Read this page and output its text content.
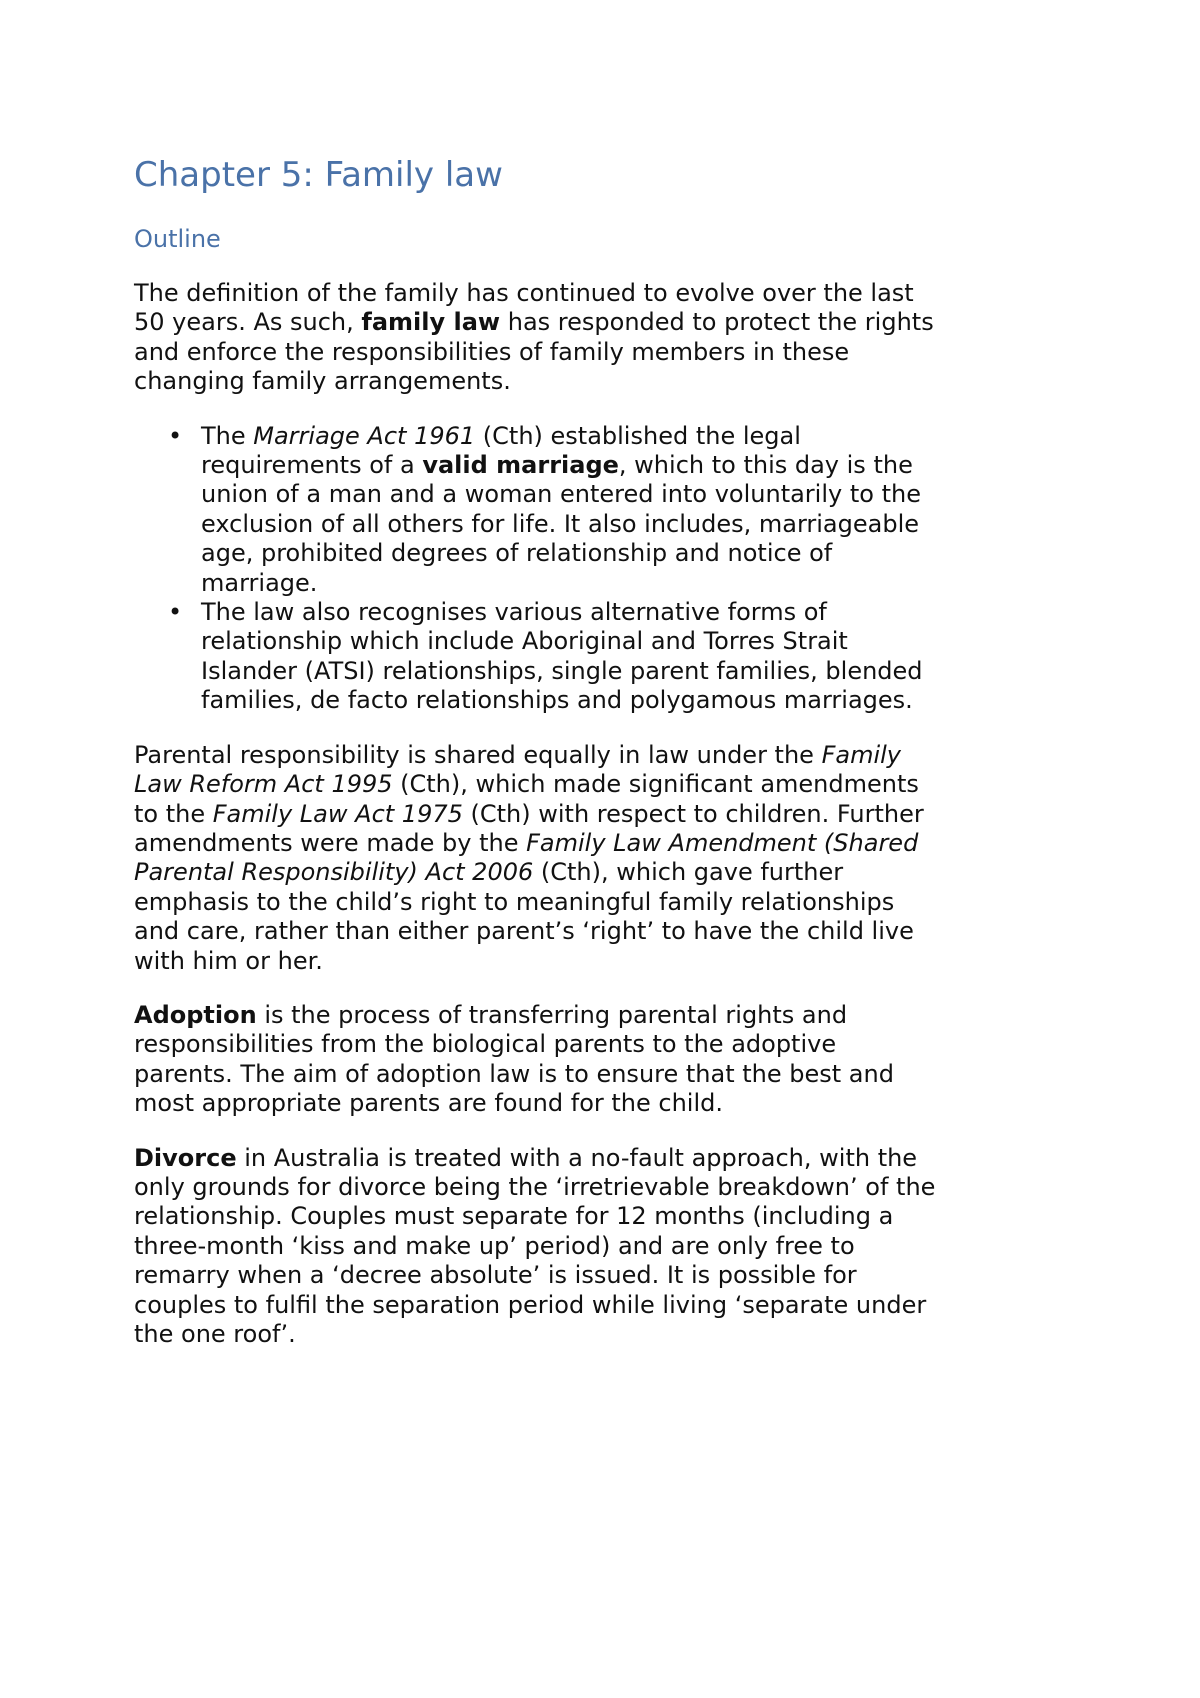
Chapter 5: Family law
Outline

The definition of the family has continued to evolve over the last
50 years. As such, family law has responded to protect the rights
and enforce the responsibilities of family members in these
changing family arrangements.

• The Marriage Act 1961 (Cth) established the legal
requirements of a valid marriage, which to this day is the
union of a man and a woman entered into voluntarily to the
exclusion of all others for life. It also includes, marriageable
age, prohibited degrees of relationship and notice of
marriage.
• The law also recognises various alternative forms of
relationship which include Aboriginal and Torres Strait
Islander (ATSI) relationships, single parent families, blended
families, de facto relationships and polygamous marriages.

Parental responsibility is shared equally in law under the Family
Law Reform Act 1995 (Cth), which made significant amendments
to the Family Law Act 1975 (Cth) with respect to children. Further
amendments were made by the Family Law Amendment (Shared
Parental Responsibility) Act 2006 (Cth), which gave further
emphasis to the child’s right to meaningful family relationships
and care, rather than either parent’s ‘right’ to have the child live
with him or her.

Adoption is the process of transferring parental rights and
responsibilities from the biological parents to the adoptive
parents. The aim of adoption law is to ensure that the best and
most appropriate parents are found for the child.

Divorce in Australia is treated with a no-fault approach, with the
only grounds for divorce being the ‘irretrievable breakdown’ of the
relationship. Couples must separate for 12 months (including a
three-month ‘kiss and make up’ period) and are only free to
remarry when a ‘decree absolute’ is issued. It is possible for
couples to fulfil the separation period while living ‘separate under
the one roof’.
